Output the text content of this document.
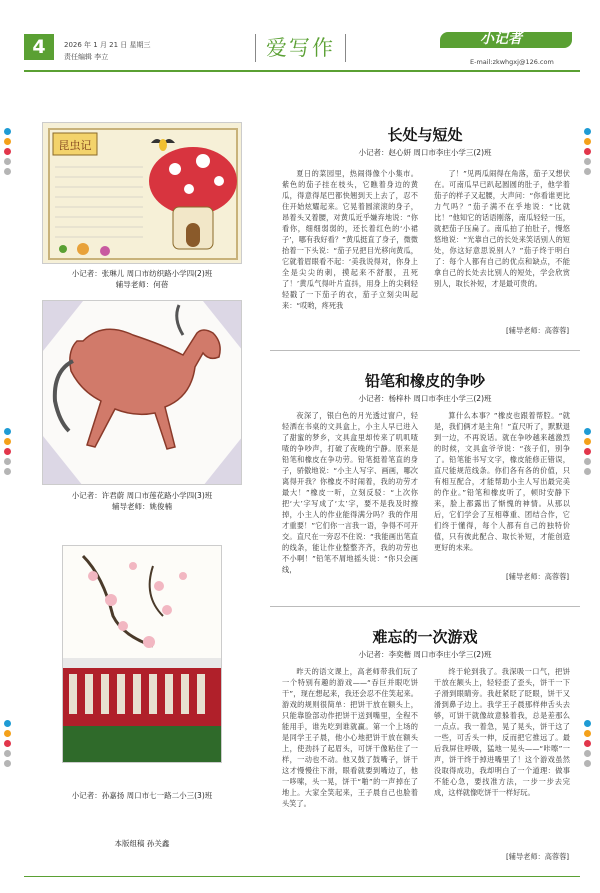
4	2026 年 1 月 21 日 星期三
责任编辑 李立	爱写作	小记者
E-mail:zkwhgxj@126.com
昆虫记
小记者：张琳儿 周口市纺织路小学四(2)班
辅导老师：何蓓
小记者：许君蔚 周口市莲花路小学四(3)班
辅导老师：姚俊楠
小记者：孙嘉扬 周口市七一路二小三(3)班
本版组稿 孙关鑫
长处与短处
小记者：赵心妍 周口市李庄小学三(2)班

夏日的菜园里，热闹得像个小集市。紫色的茄子挂在枝头，它瞧着身边的黄瓜，得意得尾巴都快翘到天上去了，忍不住开始炫耀起来。它晃着圆滚滚的身子，昂着头又着腰，对黄瓜近乎嫌弃地说：“你看你，细细弱弱的，还长着红色的‘小裙子’，哪有我好看？”黄瓜挺直了身子，微微抬着一下头说：“茄子兄把目光移向黄瓜，它就着眉眼看不起：‘美我说得对，你身上全是尖尖的刺，摸起来不舒服，丑死了！’黄瓜气得叶片直抖，用身上的尖刺轻轻戳了一下茄子的衣，茄子立刻尖叫起来：“哎哟，疼死我

了！”见两瓜闹得在角落，茄子又想伏在。可南瓜早已趴起圆圆的肚子，他学着茄子的样子又起腰，大声问：“你看谁更比力气吗？”茄子满不在乎地说：“比就比！”他知它的话语刚落，南瓜轻轻一压，就把茄子压扁了。南瓜拍了拍肚子，慢悠悠地说：“光靠自己的长处来笑话别人的短处，你这好意思说别人？”茄子终于明白了：每个人都有自己的优点和缺点，不能拿自己的长处去比别人的短处，学会欣赏别人，取长补短，才是最可贵的。

[辅导老师：高蓉蓉]
铅笔和橡皮的争吵
小记者：杨梓朴 周口市李庄小学三(2)班

夜深了，银白色的月光透过窗户，轻轻洒在书桌的文具盒上，小主人早已进入了甜蜜的梦乡，文具盒里却传来了叽叽喳喳的争吵声，打破了夜晚的宁静。原来是铅笔和橡皮在争功劳。铅笔挺着笔直的身子，骄傲地说：“小主人写字、画画，哪次离得开我？你橡皮不时闹着，我的功劳才最大！”橡皮一听，立刻反驳：“上次你把‘大’字写成了‘太’字，要不是我及时擦掉，小主人的作业能得满分吗？我的作用才重要！”它们你一言我一语，争得不可开交。直尺在一旁忍不住说：“我能画出笔直的线条，能让作业整整齐齐，我的功劳也不小啊！”铅笔不屑地摇头说：“你只会画线，

算什么本事？”橡皮也跟着帮腔。“就是，我们俩才是主角！”直尺听了，默默退到一边，不再说话。就在争吵越来越激烈的时候，文具盒爷爷说：“孩子们，别争了。铅笔能书写文字，橡皮能修正错误，直尺能规范线条。你们各有各的价值，只有相互配合，才能帮助小主人写出最完美的作业。”铅笔和橡皮听了，顿时安静下来，脸上都露出了惭愧的神情。从那以后，它们学会了互相尊重、团结合作，它们终于懂得，每个人都有自己的独特价值，只有彼此配合、取长补短，才能创造更好的未来。

[辅导老师：高蓉蓉]
难忘的一次游戏
小记者：李奕楷 周口市李庄小学三(2)班

昨天的语文课上，高老师带我们玩了一个特别有趣的游戏——“吞巨并眼吃饼干”，现在想起来，我还会忍不住笑起来。游戏的规则很简单：把饼干放在额头上，只能靠脸部动作把饼干送到嘴里，全程不能用手，谁先吃到谁就赢。第一个上场的是同学王子晨，他小心地把饼干放在额头上，使劲抖了起眉头，可饼干像粘住了一样，一动也不动。他又鼓了鼓嘴子，饼干这才慢慢往下滑，眼看就要到嘴边了，他一哆嗦，头一晃，饼干“啪”的一声掉在了地上。大家全笑起来，王子晨自己也脸着头笑了。

终于轮到我了。我深吸一口气，把饼干放在额头上，轻轻歪了歪头，饼干一下子滑到眼睛旁。我赶紧眨了眨眼，饼干又滑到鼻子边上。我学王子晨那样伸舌头去够，可饼干就像故意躲着我，总是差那么一点点。我一着急，晃了晃头，饼干这了一些，可舌头一伸，反而把它推远了。最后我屏住呼吸，猛地一晃头——“咔嚓”一声，饼干终于掉进嘴里了！这个游戏虽然没取得成功，我却明白了一个道理：做事不能心急，要找准方法，一步一步去完成，这样就像吃饼干一样好玩。

[辅导老师：高蓉蓉]
